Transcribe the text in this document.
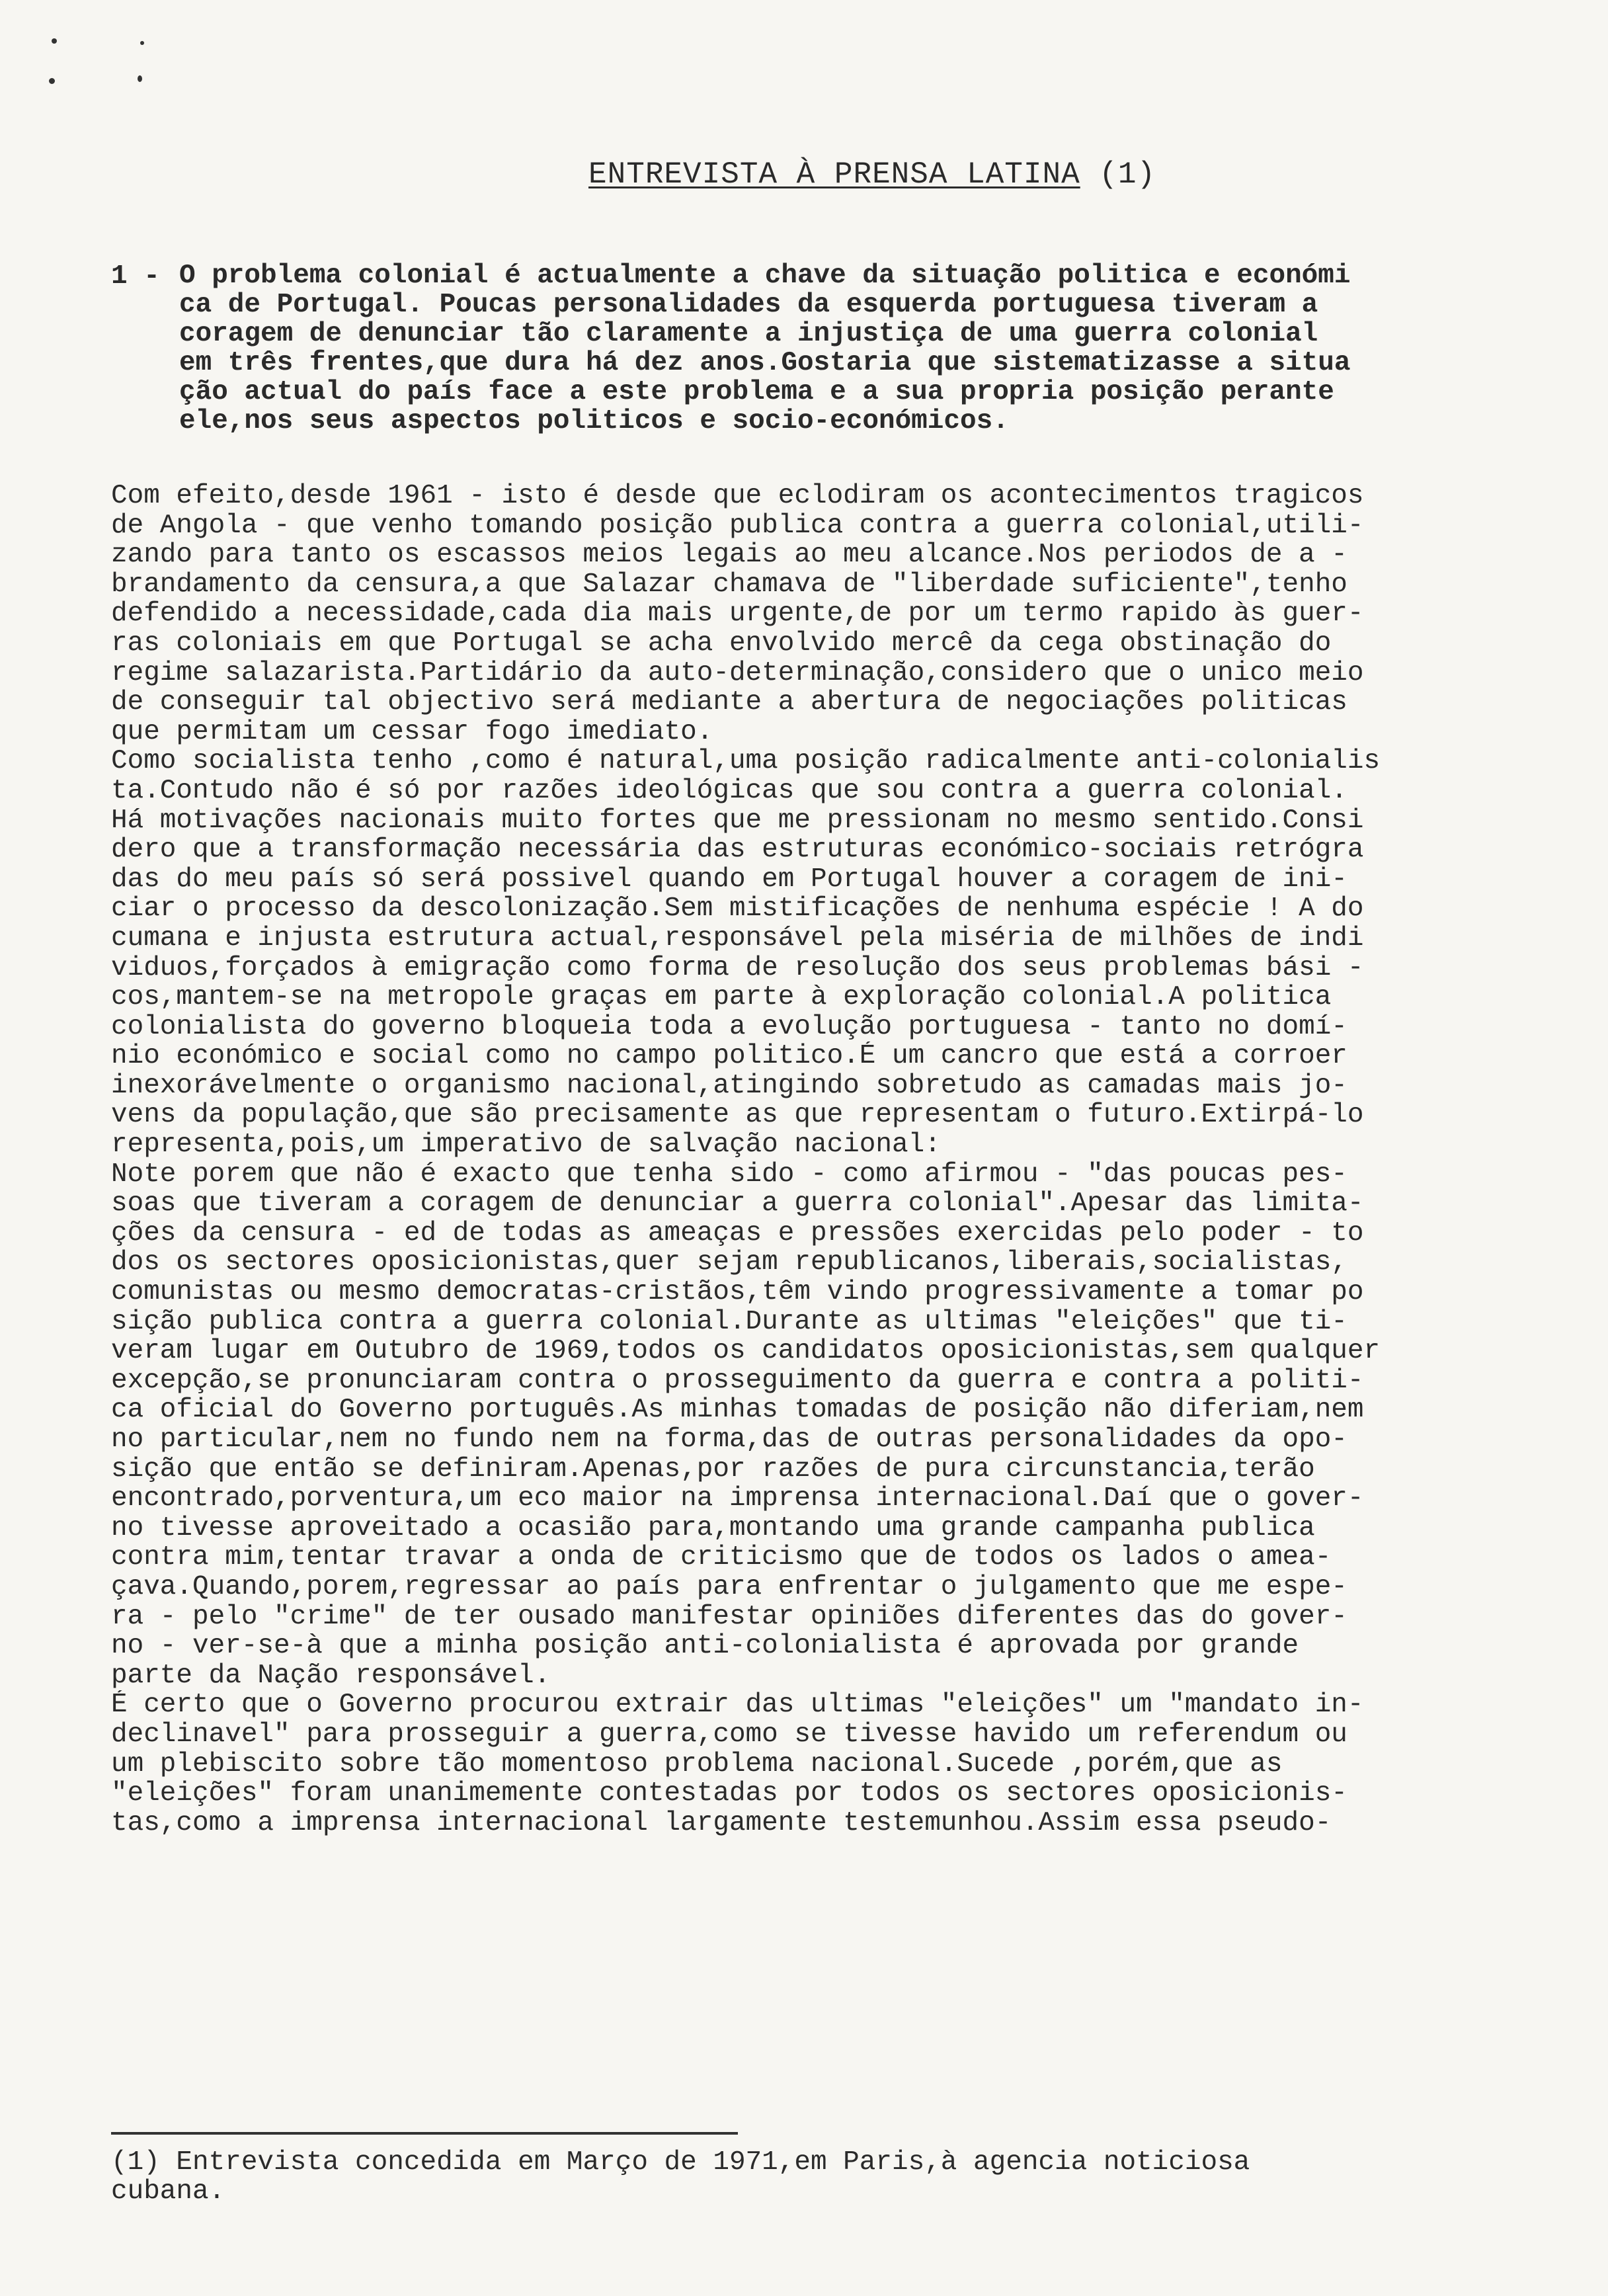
ENTREVISTA À PRENSA LATINA (1)
1 - O problema colonial é actualmente a chave da situação politica e económi
ca de Portugal. Poucas personalidades da esquerda portuguesa tiveram a
coragem de denunciar tão claramente a injustiça de uma guerra colonial
em três frentes,que dura há dez anos.Gostaria que sistematizasse a situa
ção actual do país face a este problema e a sua propria posição perante
ele,nos seus aspectos politicos e socio-económicos.
Com efeito,desde 1961 - isto é desde que eclodiram os acontecimentos tragicos
de Angola - que venho tomando posição publica contra a guerra colonial,utili-
zando para tanto os escassos meios legais ao meu alcance.Nos periodos de a -
brandamento da censura,a que Salazar chamava de "liberdade suficiente",tenho
defendido a necessidade,cada dia mais urgente,de por um termo rapido às guer-
ras coloniais em que Portugal se acha envolvido mercê da cega obstinação do
regime salazarista.Partidário da auto-determinação,considero que o unico meio
de conseguir tal objectivo será mediante a abertura de negociações politicas
que permitam um cessar fogo imediato.
Como socialista tenho ,como é natural,uma posição radicalmente anti-colonialis
ta.Contudo não é só por razões ideológicas que sou contra a guerra colonial.
Há motivações nacionais muito fortes que me pressionam no mesmo sentido.Consi
dero que a transformação necessária das estruturas económico-sociais retrógra
das do meu país só será possivel quando em Portugal houver a coragem de ini-
ciar o processo da descolonização.Sem mistificações de nenhuma espécie ! A do
cumana e injusta estrutura actual,responsável pela miséria de milhões de indi
viduos,forçados à emigração como forma de resolução dos seus problemas bási -
cos,mantem-se na metropole graças em parte à exploração colonial.A politica
colonialista do governo bloqueia toda a evolução portuguesa - tanto no domí-
nio económico e social como no campo politico.É um cancro que está a corroer
inexorávelmente o organismo nacional,atingindo sobretudo as camadas mais jo-
vens da população,que são precisamente as que representam o futuro.Extirpá-lo
representa,pois,um imperativo de salvação nacional:
Note porem que não é exacto que tenha sido - como afirmou - "das poucas pes-
soas que tiveram a coragem de denunciar a guerra colonial".Apesar das limita-
ções da censura - ed de todas as ameaças e pressões exercidas pelo poder - to
dos os sectores oposicionistas,quer sejam republicanos,liberais,socialistas,
comunistas ou mesmo democratas-cristãos,têm vindo progressivamente a tomar po
sição publica contra a guerra colonial.Durante as ultimas "eleições" que ti-
veram lugar em Outubro de 1969,todos os candidatos oposicionistas,sem qualquer
excepção,se pronunciaram contra o prosseguimento da guerra e contra a politi-
ca oficial do Governo português.As minhas tomadas de posição não diferiam,nem
no particular,nem no fundo nem na forma,das de outras personalidades da opo-
sição que então se definiram.Apenas,por razões de pura circunstancia,terão
encontrado,porventura,um eco maior na imprensa internacional.Daí que o gover-
no tivesse aproveitado a ocasião para,montando uma grande campanha publica
contra mim,tentar travar a onda de criticismo que de todos os lados o amea-
çava.Quando,porem,regressar ao país para enfrentar o julgamento que me espe-
ra - pelo "crime" de ter ousado manifestar opiniões diferentes das do gover-
no - ver-se-à que a minha posição anti-colonialista é aprovada por grande
parte da Nação responsável.
É certo que o Governo procurou extrair das ultimas "eleições" um "mandato in-
declinavel" para prosseguir a guerra,como se tivesse havido um referendum ou
um plebiscito sobre tão momentoso problema nacional.Sucede ,porém,que as
"eleições" foram unanimemente contestadas por todos os sectores oposicionis-
tas,como a imprensa internacional largamente testemunhou.Assim essa pseudo-
(1) Entrevista concedida em Março de 1971,em Paris,à agencia noticiosa
cubana.
